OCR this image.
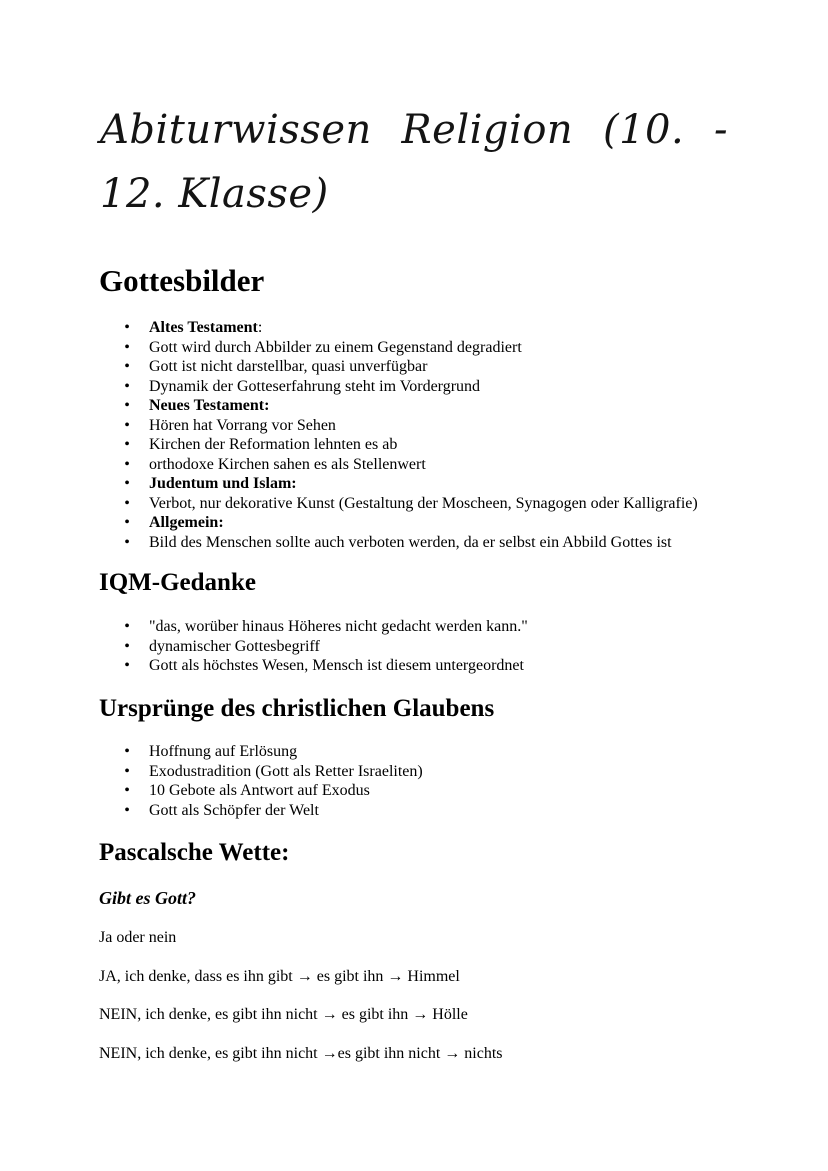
Abiturwissen Religion (10. - 12. Klasse)
Gottesbilder
• Altes Testament:
• Gott wird durch Abbilder zu einem Gegenstand degradiert
• Gott ist nicht darstellbar, quasi unverfügbar
• Dynamik der Gotteserfahrung steht im Vordergrund
• Neues Testament:
• Hören hat Vorrang vor Sehen
• Kirchen der Reformation lehnten es ab
• orthodoxe Kirchen sahen es als Stellenwert
• Judentum und Islam:
• Verbot, nur dekorative Kunst (Gestaltung der Moscheen, Synagogen oder Kalligrafie)
• Allgemein:
• Bild des Menschen sollte auch verboten werden, da er selbst ein Abbild Gottes ist
IQM-Gedanke
• "das, worüber hinaus Höheres nicht gedacht werden kann."
• dynamischer Gottesbegriff
• Gott als höchstes Wesen, Mensch ist diesem untergeordnet
Ursprünge des christlichen Glaubens
• Hoffnung auf Erlösung
• Exodustradition (Gott als Retter Israeliten)
• 10 Gebote als Antwort auf Exodus
• Gott als Schöpfer der Welt
Pascalsche Wette:
Gibt es Gott?
Ja oder nein
JA, ich denke, dass es ihn gibt → es gibt ihn → Himmel
NEIN, ich denke, es gibt ihn nicht → es gibt ihn → Hölle
NEIN, ich denke, es gibt ihn nicht →es gibt ihn nicht → nichts
